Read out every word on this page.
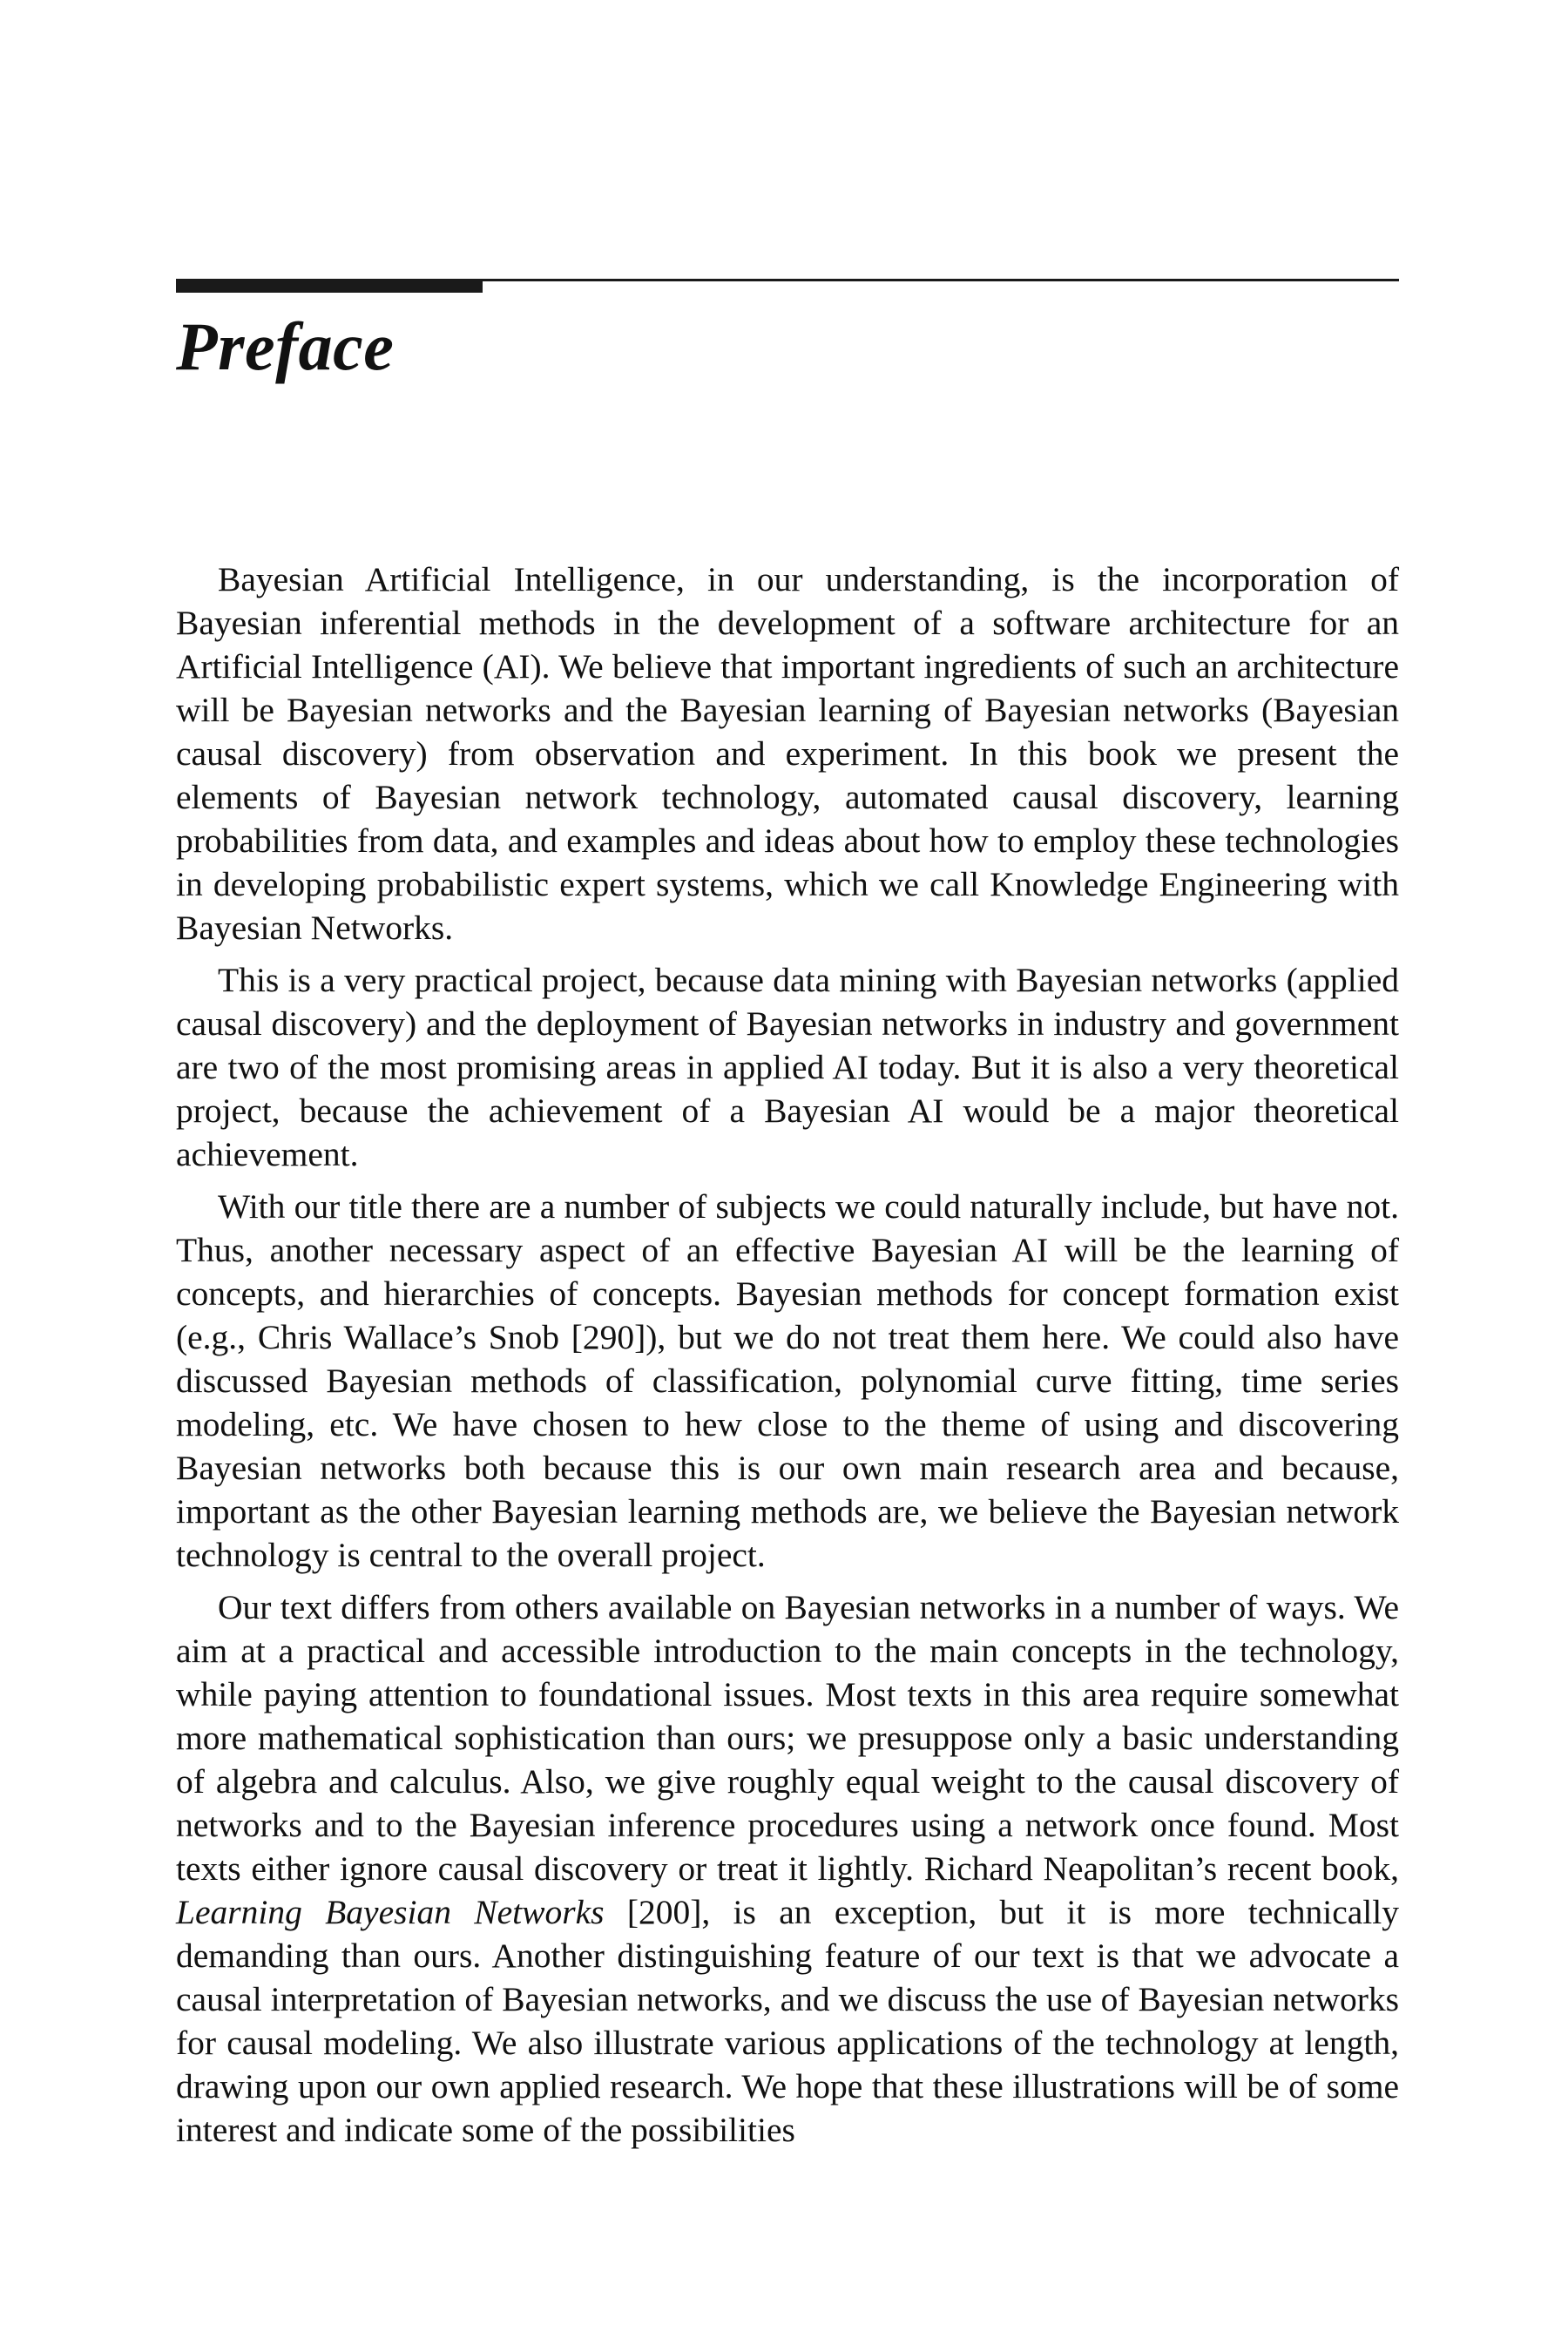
Preface

Bayesian Artificial Intelligence, in our understanding, is the incorporation of Bayesian inferential methods in the development of a software architecture for an Artificial Intelligence (AI). We believe that important ingredients of such an architecture will be Bayesian networks and the Bayesian learning of Bayesian networks (Bayesian causal discovery) from observation and experiment. In this book we present the elements of Bayesian network technology, automated causal discovery, learning probabilities from data, and examples and ideas about how to employ these technologies in developing probabilistic expert systems, which we call Knowledge Engineering with Bayesian Networks.

This is a very practical project, because data mining with Bayesian networks (applied causal discovery) and the deployment of Bayesian networks in industry and government are two of the most promising areas in applied AI today. But it is also a very theoretical project, because the achievement of a Bayesian AI would be a major theoretical achievement.

With our title there are a number of subjects we could naturally include, but have not. Thus, another necessary aspect of an effective Bayesian AI will be the learning of concepts, and hierarchies of concepts. Bayesian methods for concept formation exist (e.g., Chris Wallace’s Snob [290]), but we do not treat them here. We could also have discussed Bayesian methods of classification, polynomial curve fitting, time series modeling, etc. We have chosen to hew close to the theme of using and discovering Bayesian networks both because this is our own main research area and because, important as the other Bayesian learning methods are, we believe the Bayesian network technology is central to the overall project.

Our text differs from others available on Bayesian networks in a number of ways. We aim at a practical and accessible introduction to the main concepts in the technology, while paying attention to foundational issues. Most texts in this area require somewhat more mathematical sophistication than ours; we presuppose only a basic understanding of algebra and calculus. Also, we give roughly equal weight to the causal discovery of networks and to the Bayesian inference procedures using a network once found. Most texts either ignore causal discovery or treat it lightly. Richard Neapolitan’s recent book, Learning Bayesian Networks [200], is an exception, but it is more technically demanding than ours. Another distinguishing feature of our text is that we advocate a causal interpretation of Bayesian networks, and we discuss the use of Bayesian networks for causal modeling. We also illustrate various applications of the technology at length, drawing upon our own applied research. We hope that these illustrations will be of some interest and indicate some of the possibilities
